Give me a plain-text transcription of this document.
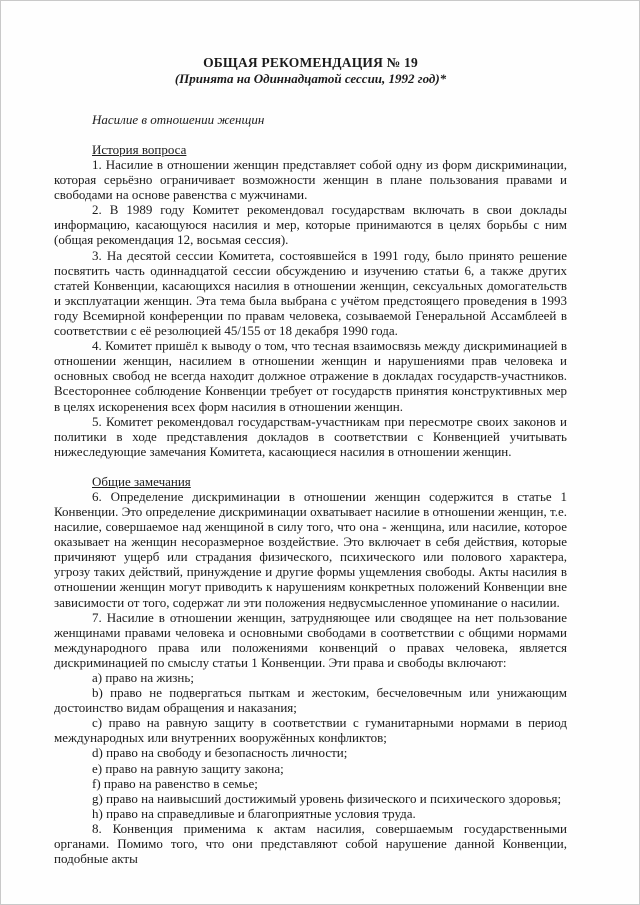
ОБЩАЯ РЕКОМЕНДАЦИЯ № 19
(Принята на Одиннадцатой сессии, 1992 год)*
Насилие в отношении женщин
История вопроса

1. Насилие в отношении женщин представляет собой одну из форм дискриминации, которая серьёзно ограничивает возможности женщин в плане пользования правами и свободами на основе равенства с мужчинами.

2. В 1989 году Комитет рекомендовал государствам включать в свои доклады информацию, касающуюся насилия и мер, которые принимаются в целях борьбы с ним (общая рекомендация 12, восьмая сессия).

3. На десятой сессии Комитета, состоявшейся в 1991 году, было принято решение посвятить часть одиннадцатой сессии обсуждению и изучению статьи 6, а также других статей Конвенции, касающихся насилия в отношении женщин, сексуальных домогательств и эксплуатации женщин. Эта тема была выбрана с учётом предстоящего проведения в 1993 году Всемирной конференции по правам человека, созываемой Генеральной Ассамблеей в соответствии с её резолюцией 45/155 от 18 декабря 1990 года.

4. Комитет пришёл к выводу о том, что тесная взаимосвязь между дискриминацией в отношении женщин, насилием в отношении женщин и нарушениями прав человека и основных свобод не всегда находит должное отражение в докладах государств-участников. Всестороннее соблюдение Конвенции требует от государств принятия конструктивных мер в целях искоренения всех форм насилия в отношении женщин.

5. Комитет рекомендовал государствам-участникам при пересмотре своих законов и политики в ходе представления докладов в соответствии с Конвенцией учитывать нижеследующие замечания Комитета, касающиеся насилия в отношении женщин.

Общие замечания

6. Определение дискриминации в отношении женщин содержится в статье 1 Конвенции. Это определение дискриминации охватывает насилие в отношении женщин, т.е. насилие, совершаемое над женщиной в силу того, что она - женщина, или насилие, которое оказывает на женщин несоразмерное воздействие. Это включает в себя действия, которые причиняют ущерб или страдания физического, психического или полового характера, угрозу таких действий, принуждение и другие формы ущемления свободы. Акты насилия в отношении женщин могут приводить к нарушениям конкретных положений Конвенции вне зависимости от того, содержат ли эти положения недвусмысленное упоминание о насилии.

7. Насилие в отношении женщин, затрудняющее или сводящее на нет пользование женщинами правами человека и основными свободами в соответствии с общими нормами международного права или положениями конвенций о правах человека, является дискриминацией по смыслу статьи 1 Конвенции. Эти права и свободы включают:

a) право на жизнь;

b) право не подвергаться пыткам и жестоким, бесчеловечным или унижающим достоинство видам обращения и наказания;

c) право на равную защиту в соответствии с гуманитарными нормами в период международных или внутренних вооружённых конфликтов;

d) право на свободу и безопасность личности;

e) право на равную защиту закона;

f) право на равенство в семье;

g) право на наивысший достижимый уровень физического и психического здоровья;

h) право на справедливые и благоприятные условия труда.

8. Конвенция применима к актам насилия, совершаемым государственными органами. Помимо того, что они представляют собой нарушение данной Конвенции, подобные акты
